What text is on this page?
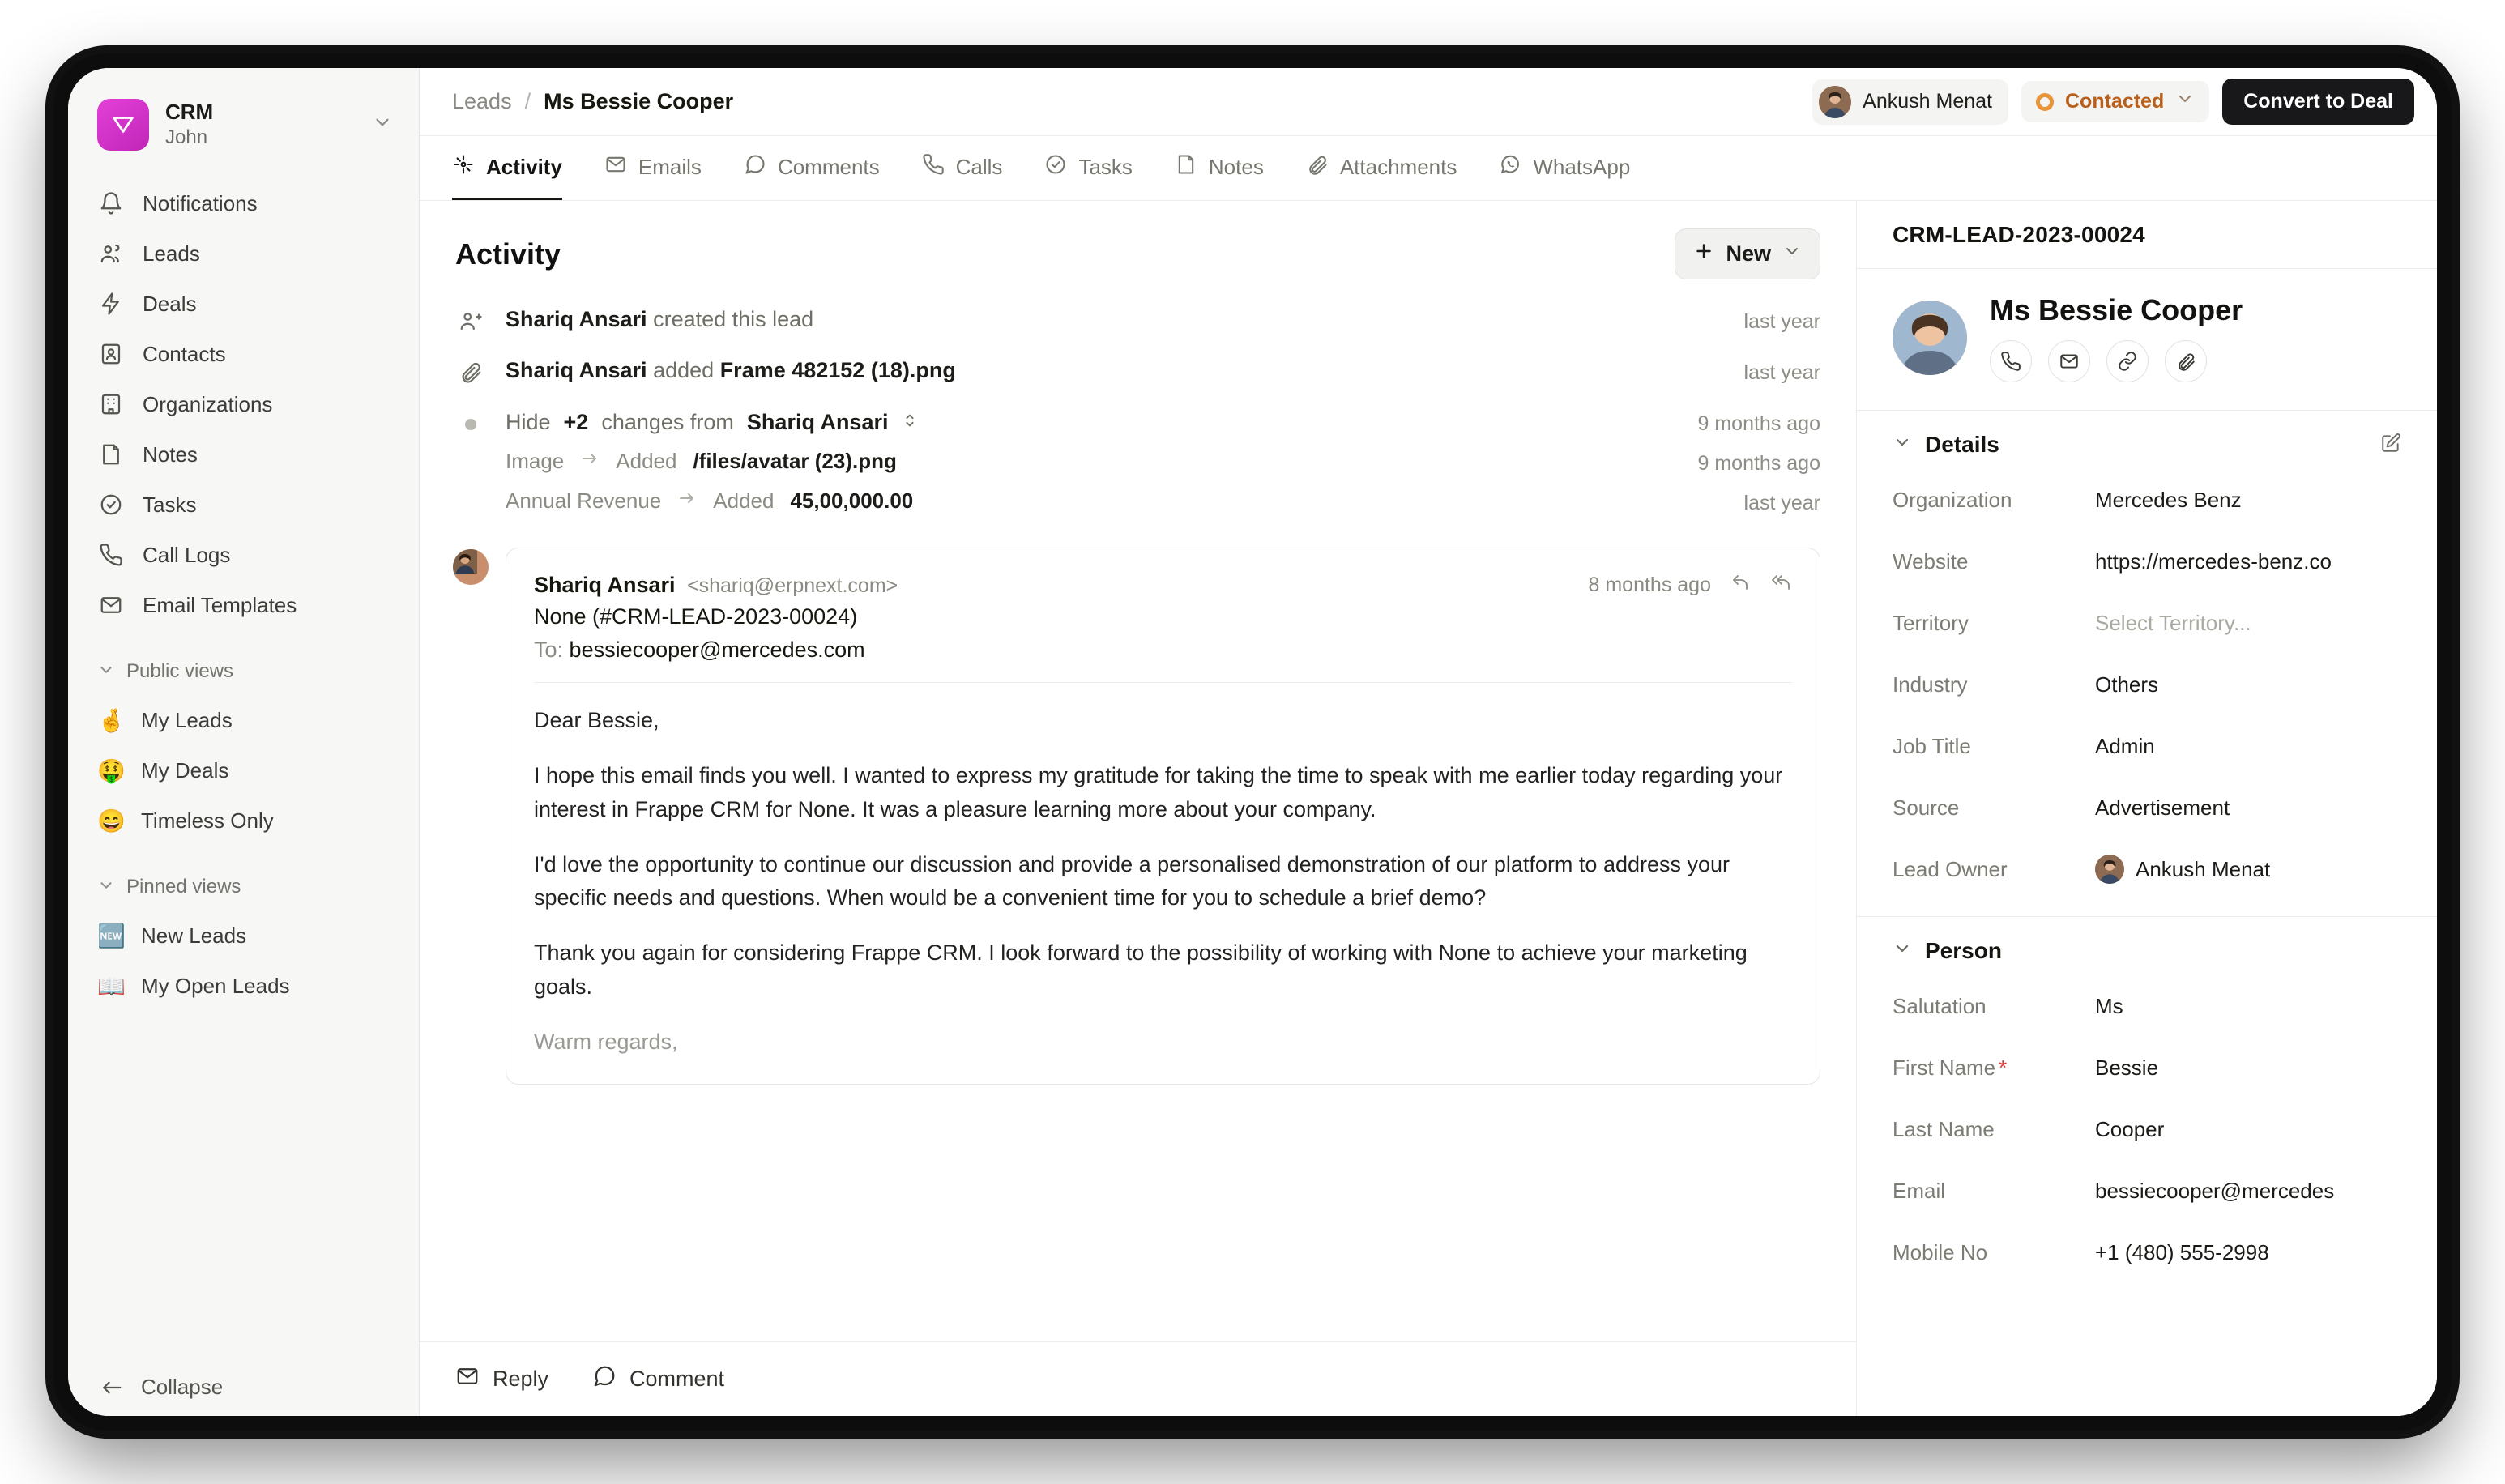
CRM
John
Notifications
Leads
Deals
Contacts
Organizations
Notes
Tasks
Call Logs
Email Templates
Public views
🤞 My Leads
🤑 My Deals
😄 Timeless Only
Pinned views
🆕 New Leads
📖 My Open Leads
Collapse
Leads / Ms Bessie Cooper	Ankush Menat	Contacted	Convert to Deal
Activity	Emails	Comments	Calls	Tasks	Notes	Attachments	WhatsApp
Activity	New
Shariq Ansari created this lead	last year
Shariq Ansari added Frame 482152 (18).png	last year
Hide +2 changes from Shariq Ansari	9 months ago
Image Added /files/avatar (23).png	9 months ago
Annual Revenue Added 45,00,000.00	last year
Shariq Ansari <shariq@erpnext.com>	8 months ago
None (#CRM-LEAD-2023-00024)
To: bessiecooper@mercedes.com

Dear Bessie,

I hope this email finds you well. I wanted to express my gratitude for taking the time to speak with me earlier today regarding your interest in Frappe CRM for None. It was a pleasure learning more about your company.

I'd love the opportunity to continue our discussion and provide a personalised demonstration of our platform to address your specific needs and questions. When would be a convenient time for you to schedule a brief demo?

Thank you again for considering Frappe CRM. I look forward to the possibility of working with None to achieve your marketing goals.

Warm regards,

Reply	Comment
CRM-LEAD-2023-00024
Ms Bessie Cooper
Details
Organization	Mercedes Benz
Website	https://mercedes-benz.co
Territory	Select Territory...
Industry	Others
Job Title	Admin
Source	Advertisement
Lead Owner	Ankush Menat
Person
Salutation	Ms
First Name *	Bessie
Last Name	Cooper
Email	bessiecooper@mercedes
Mobile No	+1 (480) 555-2998
